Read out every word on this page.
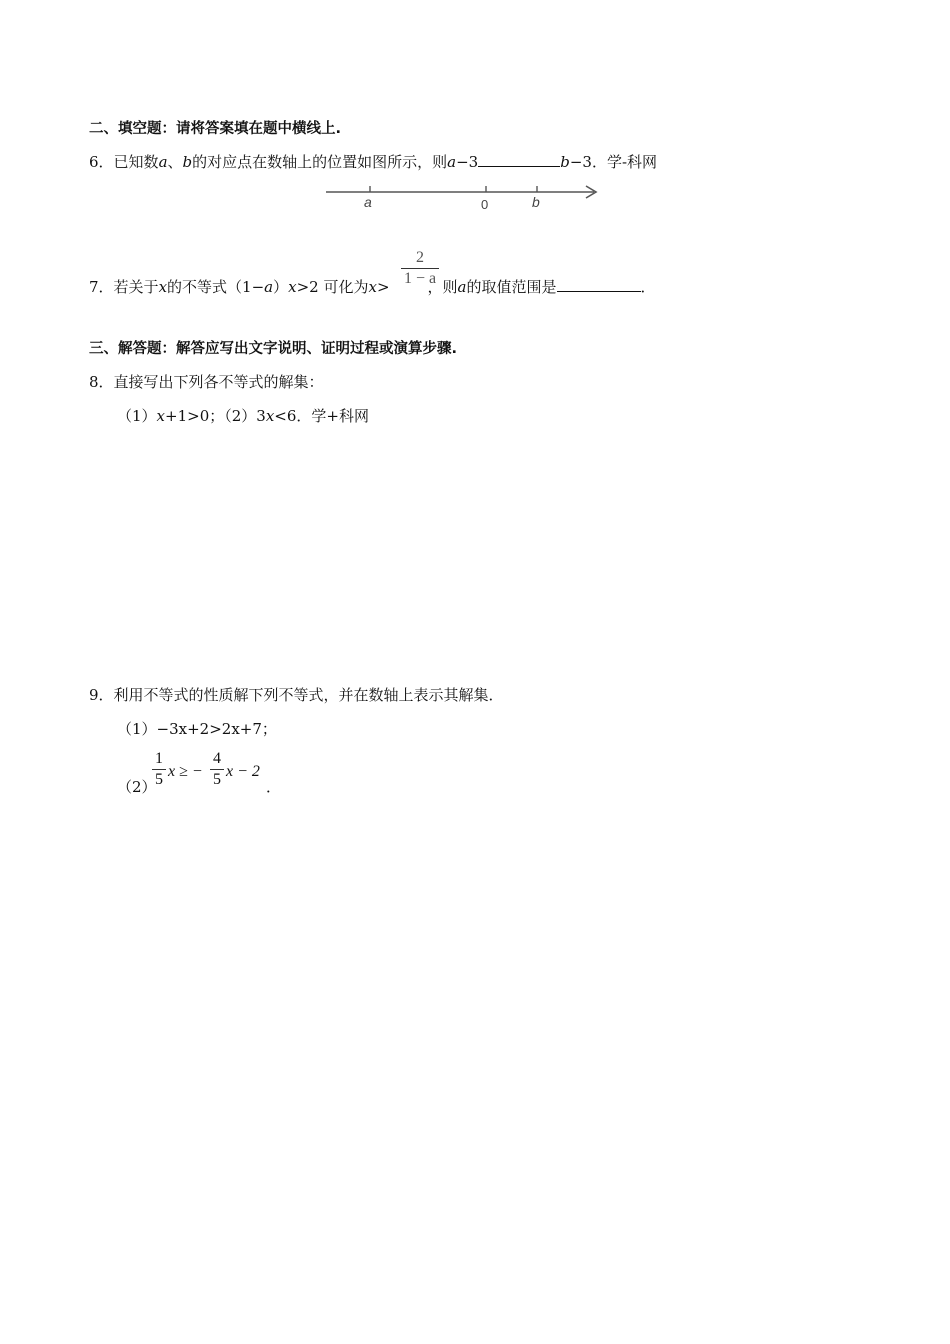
二、填空题：请将答案填在题中横线上.
6．已知数a、b的对应点在数轴上的位置如图所示，则a−3	b−3．学-科网
a	0	b
7．若关于x的不等式（1−a）x>2 可化为x>	，则a的取值范围是	．
2
1 − a
三、解答题：解答应写出文字说明、证明过程或演算步骤.
8．直接写出下列各不等式的解集：
（1）x+1>0；（2）3x<6．学+科网
9．利用不等式的性质解下列不等式，并在数轴上表示其解集．
（1）−3x+2>2x+7；
（2）
1
5 x ≥ −
4
5 x − 2
．
